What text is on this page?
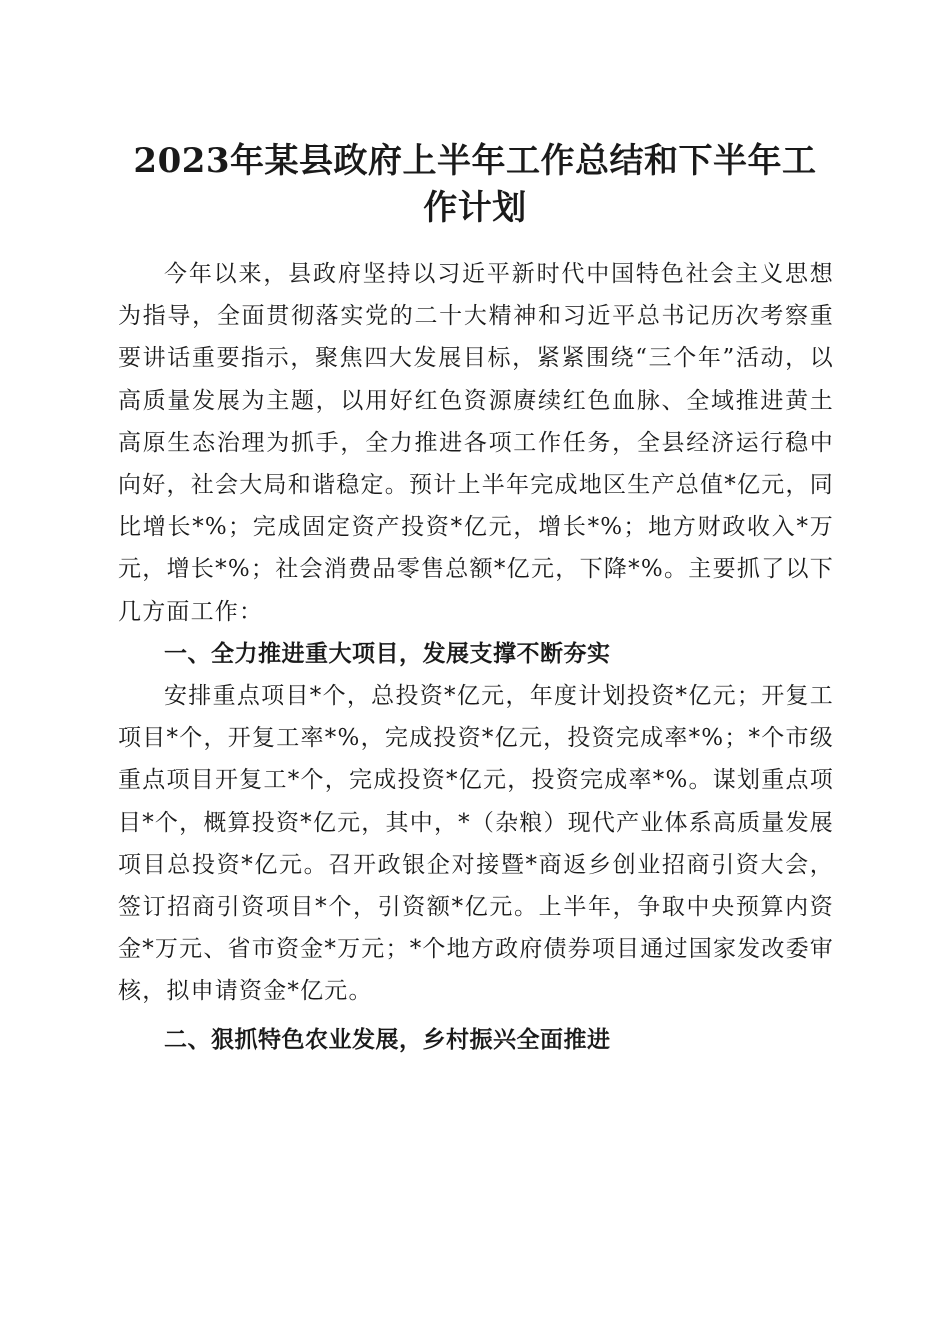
2023年某县政府上半年工作总结和下半年工作计划

今年以来，县政府坚持以习近平新时代中国特色社会主义思想为指导，全面贯彻落实党的二十大精神和习近平总书记历次考察重要讲话重要指示，聚焦四大发展目标，紧紧围绕“三个年”活动，以高质量发展为主题，以用好红色资源赓续红色血脉、全域推进黄土高原生态治理为抓手，全力推进各项工作任务，全县经济运行稳中向好，社会大局和谐稳定。预计上半年完成地区生产总值*亿元，同比增长*%；完成固定资产投资*亿元，增长*%；地方财政收入*万元，增长*%；社会消费品零售总额*亿元，下降*%。主要抓了以下几方面工作：

一、全力推进重大项目，发展支撑不断夯实

安排重点项目*个，总投资*亿元，年度计划投资*亿元；开复工项目*个，开复工率*%，完成投资*亿元，投资完成率*%；*个市级重点项目开复工*个，完成投资*亿元，投资完成率*%。谋划重点项目*个，概算投资*亿元，其中，*（杂粮）现代产业体系高质量发展项目总投资*亿元。召开政银企对接暨*商返乡创业招商引资大会，签订招商引资项目*个，引资额*亿元。上半年，争取中央预算内资金*万元、省市资金*万元；*个地方政府债券项目通过国家发改委审核，拟申请资金*亿元。

二、狠抓特色农业发展，乡村振兴全面推进
